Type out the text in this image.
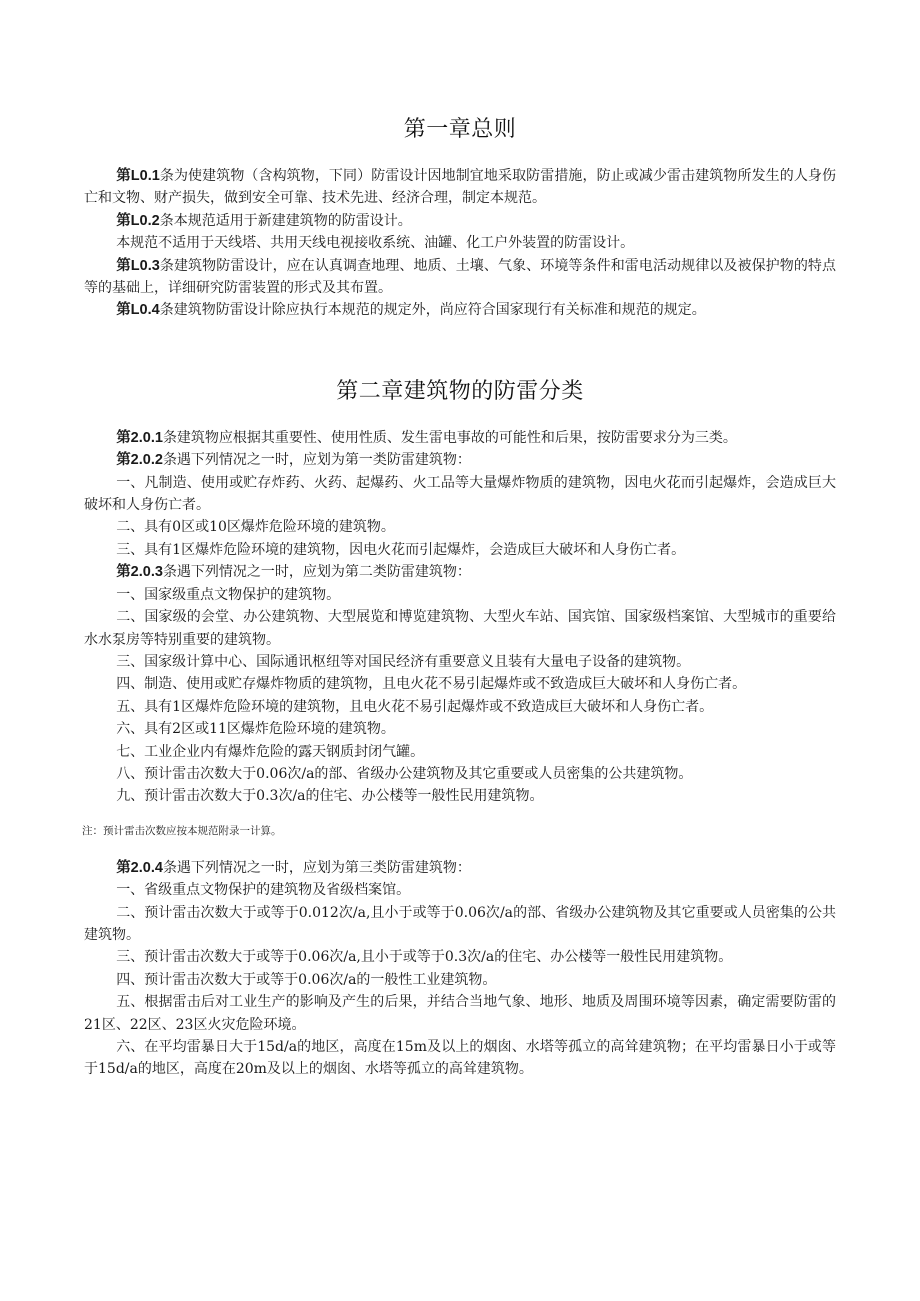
第一章总则

第L0.1条为使建筑物（含构筑物，下同）防雷设计因地制宜地采取防雷措施，防止或减少雷击建筑物所发生的人身伤亡和文物、财产损失，做到安全可靠、技术先进、经济合理，制定本规范。

第L0.2条本规范适用于新建建筑物的防雷设计。

本规范不适用于天线塔、共用天线电视接收系统、油罐、化工户外装置的防雷设计。

第L0.3条建筑物防雷设计，应在认真调查地理、地质、土壤、气象、环境等条件和雷电活动规律以及被保护物的特点等的基础上，详细研究防雷装置的形式及其布置。

第L0.4条建筑物防雷设计除应执行本规范的规定外，尚应符合国家现行有关标准和规范的规定。

第二章建筑物的防雷分类

第2.0.1条建筑物应根据其重要性、使用性质、发生雷电事故的可能性和后果，按防雷要求分为三类。

第2.0.2条遇下列情况之一时，应划为第一类防雷建筑物：

一、凡制造、使用或贮存炸药、火药、起爆药、火工品等大量爆炸物质的建筑物，因电火花而引起爆炸，会造成巨大破坏和人身伤亡者。

二、具有0区或10区爆炸危险环境的建筑物。

三、具有1区爆炸危险环境的建筑物，因电火花而引起爆炸，会造成巨大破坏和人身伤亡者。

第2.0.3条遇下列情况之一时，应划为第二类防雷建筑物：

一、国家级重点文物保护的建筑物。

二、国家级的会堂、办公建筑物、大型展览和博览建筑物、大型火车站、国宾馆、国家级档案馆、大型城市的重要给水水泵房等特别重要的建筑物。

三、国家级计算中心、国际通讯枢纽等对国民经济有重要意义且装有大量电子设备的建筑物。

四、制造、使用或贮存爆炸物质的建筑物，且电火花不易引起爆炸或不致造成巨大破坏和人身伤亡者。

五、具有1区爆炸危险环境的建筑物，且电火花不易引起爆炸或不致造成巨大破坏和人身伤亡者。

六、具有2区或11区爆炸危险环境的建筑物。

七、工业企业内有爆炸危险的露天钢质封闭气罐。

八、预计雷击次数大于0.06次/a的部、省级办公建筑物及其它重要或人员密集的公共建筑物。

九、预计雷击次数大于0.3次/a的住宅、办公楼等一般性民用建筑物。

注：预计雷击次数应按本规范附录一计算。

第2.0.4条遇下列情况之一时，应划为第三类防雷建筑物：

一、省级重点文物保护的建筑物及省级档案馆。

二、预计雷击次数大于或等于0.012次/a,且小于或等于0.06次/a的部、省级办公建筑物及其它重要或人员密集的公共建筑物。

三、预计雷击次数大于或等于0.06次/a,且小于或等于0.3次/a的住宅、办公楼等一般性民用建筑物。

四、预计雷击次数大于或等于0.06次/a的一般性工业建筑物。

五、根据雷击后对工业生产的影响及产生的后果，并结合当地气象、地形、地质及周围环境等因素，确定需要防雷的21区、22区、23区火灾危险环境。

六、在平均雷暴日大于15d/a的地区，高度在15m及以上的烟囱、水塔等孤立的高耸建筑物；在平均雷暴日小于或等于15d/a的地区，高度在20m及以上的烟囱、水塔等孤立的高耸建筑物。
